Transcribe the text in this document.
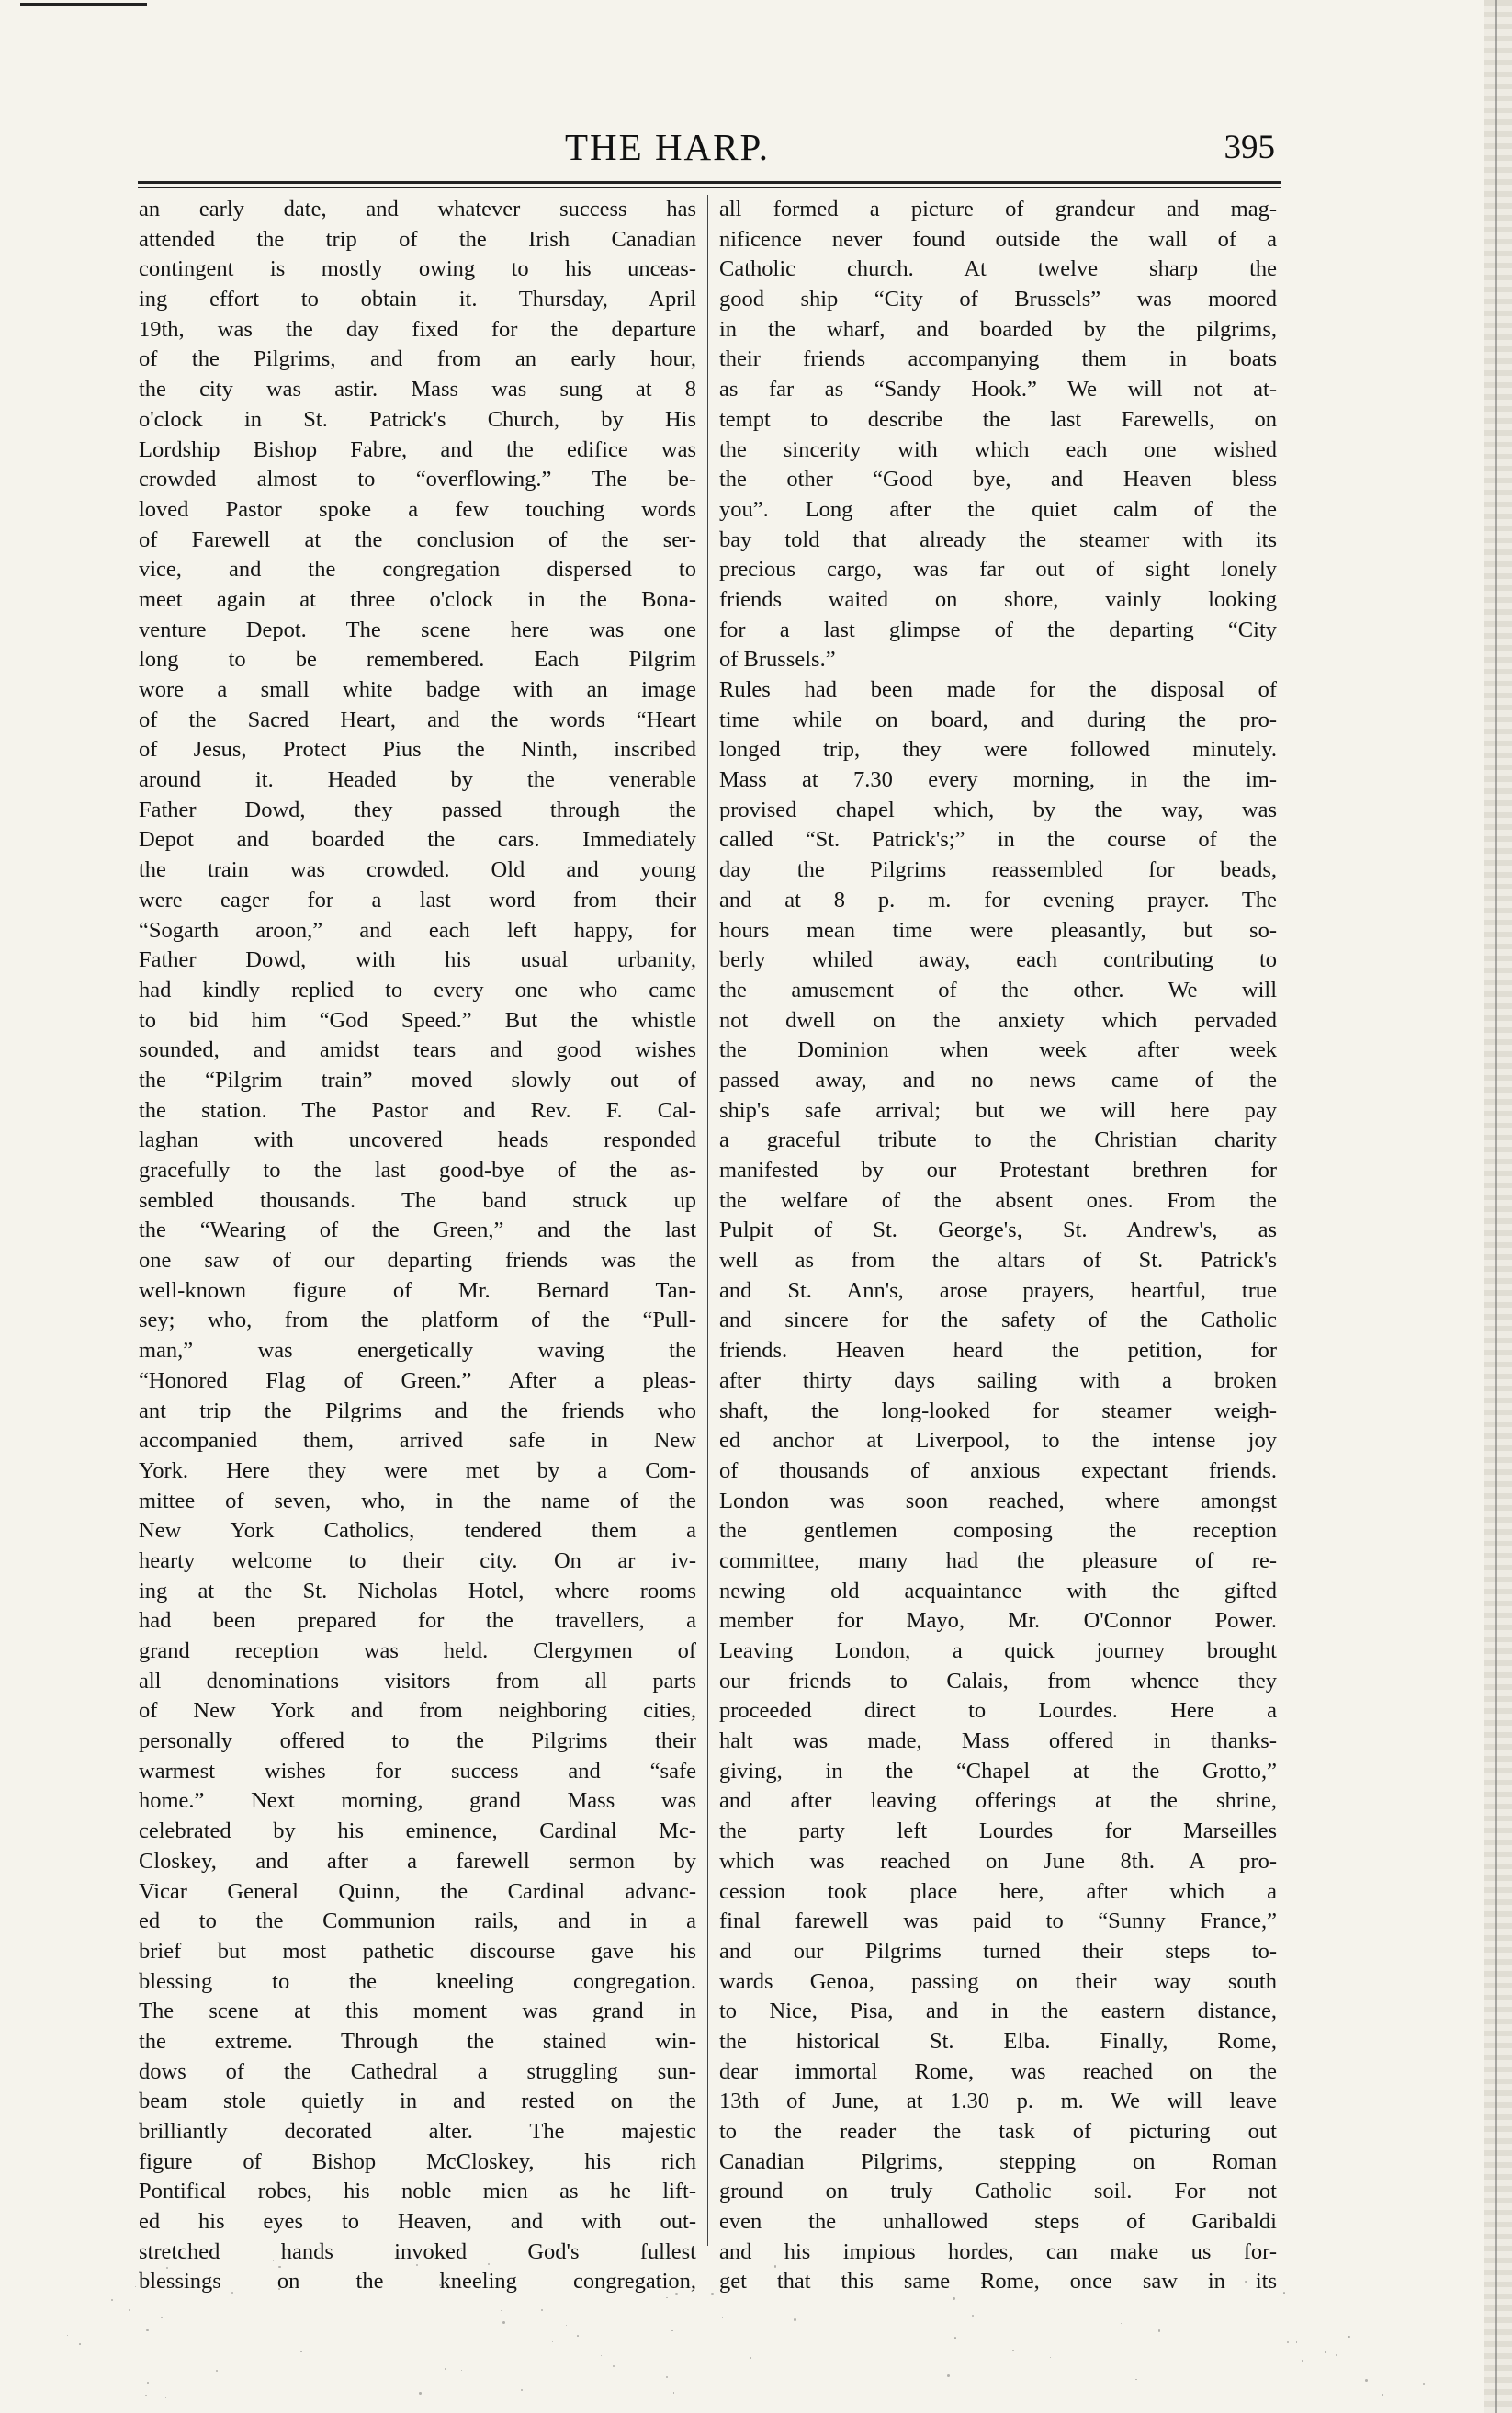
THE HARP.	395
an early date, and whatever success has
attended the trip of the Irish Canadian
contingent is mostly owing to his unceas-
ing effort to obtain it. Thursday, April
19th, was the day fixed for the departure
of the Pilgrims, and from an early hour,
the city was astir. Mass was sung at 8
o'clock in St. Patrick's Church, by His
Lordship Bishop Fabre, and the edifice was
crowded almost to “overflowing.” The be-
loved Pastor spoke a few touching words
of Farewell at the conclusion of the ser-
vice, and the congregation dispersed to
meet again at three o'clock in the Bona-
venture Depot. The scene here was one
long to be remembered. Each Pilgrim
wore a small white badge with an image
of the Sacred Heart, and the words “Heart
of Jesus, Protect Pius the Ninth, inscribed
around it. Headed by the venerable
Father Dowd, they passed through the
Depot and boarded the cars. Immediately
the train was crowded. Old and young
were eager for a last word from their
“Sogarth aroon,” and each left happy, for
Father Dowd, with his usual urbanity,
had kindly replied to every one who came
to bid him “God Speed.” But the whistle
sounded, and amidst tears and good wishes
the “Pilgrim train” moved slowly out of
the station. The Pastor and Rev. F. Cal-
laghan with uncovered heads responded
gracefully to the last good-bye of the as-
sembled thousands. The band struck up
the “Wearing of the Green,” and the last
one saw of our departing friends was the
well-known figure of Mr. Bernard Tan-
sey; who, from the platform of the “Pull-
man,” was energetically waving the
“Honored Flag of Green.” After a pleas-
ant trip the Pilgrims and the friends who
accompanied them, arrived safe in New
York. Here they were met by a Com-
mittee of seven, who, in the name of the
New York Catholics, tendered them a
hearty welcome to their city. On ar iv-
ing at the St. Nicholas Hotel, where rooms
had been prepared for the travellers, a
grand reception was held. Clergymen of
all denominations visitors from all parts
of New York and from neighboring cities,
personally offered to the Pilgrims their
warmest wishes for success and “safe
home.” Next morning, grand Mass was
celebrated by his eminence, Cardinal Mc-
Closkey, and after a farewell sermon by
Vicar General Quinn, the Cardinal advanc-
ed to the Communion rails, and in a
brief but most pathetic discourse gave his
blessing to the kneeling congregation.
The scene at this moment was grand in
the extreme. Through the stained win-
dows of the Cathedral a struggling sun-
beam stole quietly in and rested on the
brilliantly decorated alter. The majestic
figure of Bishop McCloskey, his rich
Pontifical robes, his noble mien as he lift-
ed his eyes to Heaven, and with out-
stretched hands invoked God's fullest
blessings on the kneeling congregation,
all formed a picture of grandeur and mag-
nificence never found outside the wall of a
Catholic church. At twelve sharp the
good ship “City of Brussels” was moored
in the wharf, and boarded by the pilgrims,
their friends accompanying them in boats
as far as “Sandy Hook.” We will not at-
tempt to describe the last Farewells, on
the sincerity with which each one wished
the other “Good bye, and Heaven bless
you”. Long after the quiet calm of the
bay told that already the steamer with its
precious cargo, was far out of sight lonely
friends waited on shore, vainly looking
for a last glimpse of the departing “City
of Brussels.”
Rules had been made for the disposal of
time while on board, and during the pro-
longed trip, they were followed minutely.
Mass at 7.30 every morning, in the im-
provised chapel which, by the way, was
called “St. Patrick's;” in the course of the
day the Pilgrims reassembled for beads,
and at 8 p. m. for evening prayer. The
hours mean time were pleasantly, but so-
berly whiled away, each contributing to
the amusement of the other. We will
not dwell on the anxiety which pervaded
the Dominion when week after week
passed away, and no news came of the
ship's safe arrival; but we will here pay
a graceful tribute to the Christian charity
manifested by our Protestant brethren for
the welfare of the absent ones. From the
Pulpit of St. George's, St. Andrew's, as
well as from the altars of St. Patrick's
and St. Ann's, arose prayers, heartful, true
and sincere for the safety of the Catholic
friends. Heaven heard the petition, for
after thirty days sailing with a broken
shaft, the long-looked for steamer weigh-
ed anchor at Liverpool, to the intense joy
of thousands of anxious expectant friends.
London was soon reached, where amongst
the gentlemen composing the reception
committee, many had the pleasure of re-
newing old acquaintance with the gifted
member for Mayo, Mr. O'Connor Power.
Leaving London, a quick journey brought
our friends to Calais, from whence they
proceeded direct to Lourdes. Here a
halt was made, Mass offered in thanks-
giving, in the “Chapel at the Grotto,”
and after leaving offerings at the shrine,
the party left Lourdes for Marseilles
which was reached on June 8th. A pro-
cession took place here, after which a
final farewell was paid to “Sunny France,”
and our Pilgrims turned their steps to-
wards Genoa, passing on their way south
to Nice, Pisa, and in the eastern distance,
the historical St. Elba. Finally, Rome,
dear immortal Rome, was reached on the
13th of June, at 1.30 p. m. We will leave
to the reader the task of picturing out
Canadian Pilgrims, stepping on Roman
ground on truly Catholic soil. For not
even the unhallowed steps of Garibaldi
and his impious hordes, can make us for-
get that this same Rome, once saw in its
